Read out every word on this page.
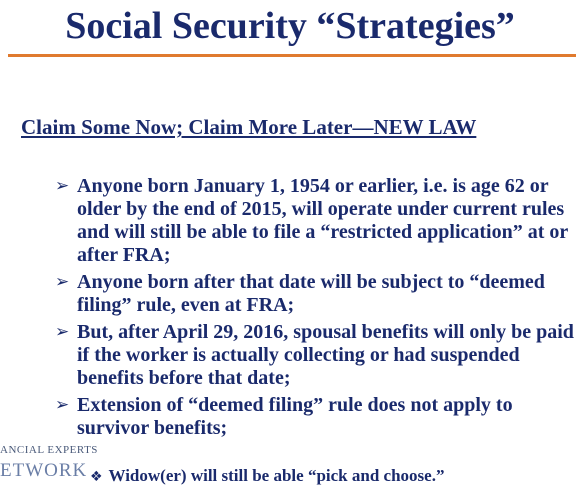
Social Security “Strategies”
Claim Some Now; Claim More Later—NEW LAW
➢ Anyone born January 1, 1954 or earlier, i.e. is age 62 or older by the end of 2015, will operate under current rules and will still be able to file a “restricted application” at or after FRA;
➢ Anyone born after that date will be subject to “deemed filing” rule, even at FRA;
➢ But, after April 29, 2016, spousal benefits will only be paid if the worker is actually collecting or had suspended benefits before that date;
➢ Extension of “deemed filing” rule does not apply to survivor benefits;
❖ Widow(er) will still be able “pick and choose.”
ANCIAL EXPERTS
ETWORK
